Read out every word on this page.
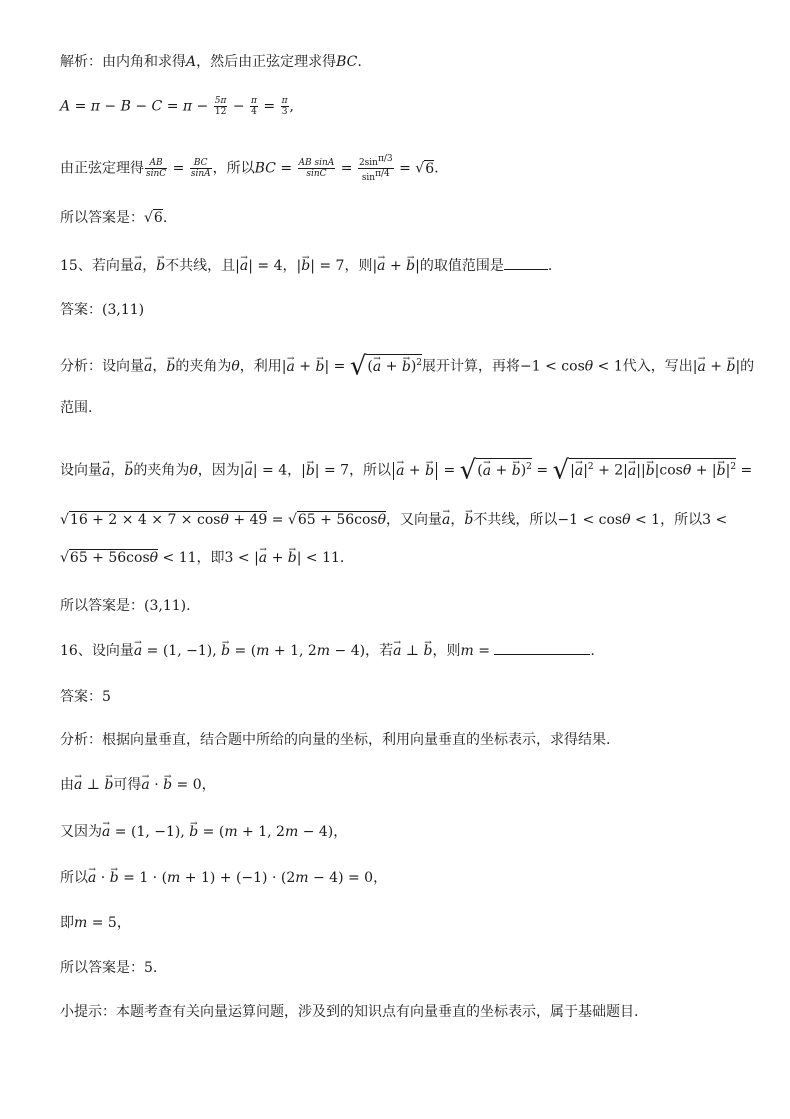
解析：由内角和求得A，然后由正弦定理求得BC.
$A = \pi - B - C = \pi - \frac{5\pi}{12} - \frac{\pi}{4} = \frac{\pi}{3}$ ,
由正弦定理得 $\frac{AB}{\sin C} = \frac{BC}{\sin A}$ ，所以BC = $\frac{\text{AB sinA}}{\sin C} = \frac{2\sin^{\pi/3}}{\sin^{\pi/4}} = √6$.
所以答案是：√6.
15、若向量→ a，→ b不共线，且|→ a| = 4，|→ b| = 7，则|→ a + → b|的取值范围是	.
答案：(3,11)
分析：设向量→ a，→ b的夹角为θ，利用|→ a + → b| = √(→ a + → b)$^2$展开计算，再将−1 < cosθ < 1代入，写出|→ a + → b|的
范围.
设向量→ a，→ b的夹角为θ，因为|→ a| = 4，|→ b| = 7，所以→ a + → b = √(→ a + → b)$^2$ = √|→ $a|^2 + 2|\to a||\to b|\cos\theta$ + |→ $b|^2$ =
√16 + 2 × 4 × 7 × cosθ + 49 = √65 + 56cosθ，又向量→ a，→ b不共线，所以−1 < cosθ < 1，所以3 <
√65 + 56cosθ < 11，即3 < |→ a + → b| < 11.
所以答案是：(3,11).
16、设向量→ a = (1, −1), → b = (m + 1, 2m − 4)，若→ a ⊥ → b，则m =	.
答案：5
分析：根据向量垂直，结合题中所给的向量的坐标，利用向量垂直的坐标表示，求得结果.
由→ a ⊥ → b可得→ a · → b = 0，
又因为→ a = (1, −1), → b = (m + 1, 2m − 4)，
所以→ a · → b = 1 · (m + 1) + (−1) · (2m − 4) = 0，
即m = 5，
所以答案是：5.
小提示：本题考查有关向量运算问题，涉及到的知识点有向量垂直的坐标表示，属于基础题目.
